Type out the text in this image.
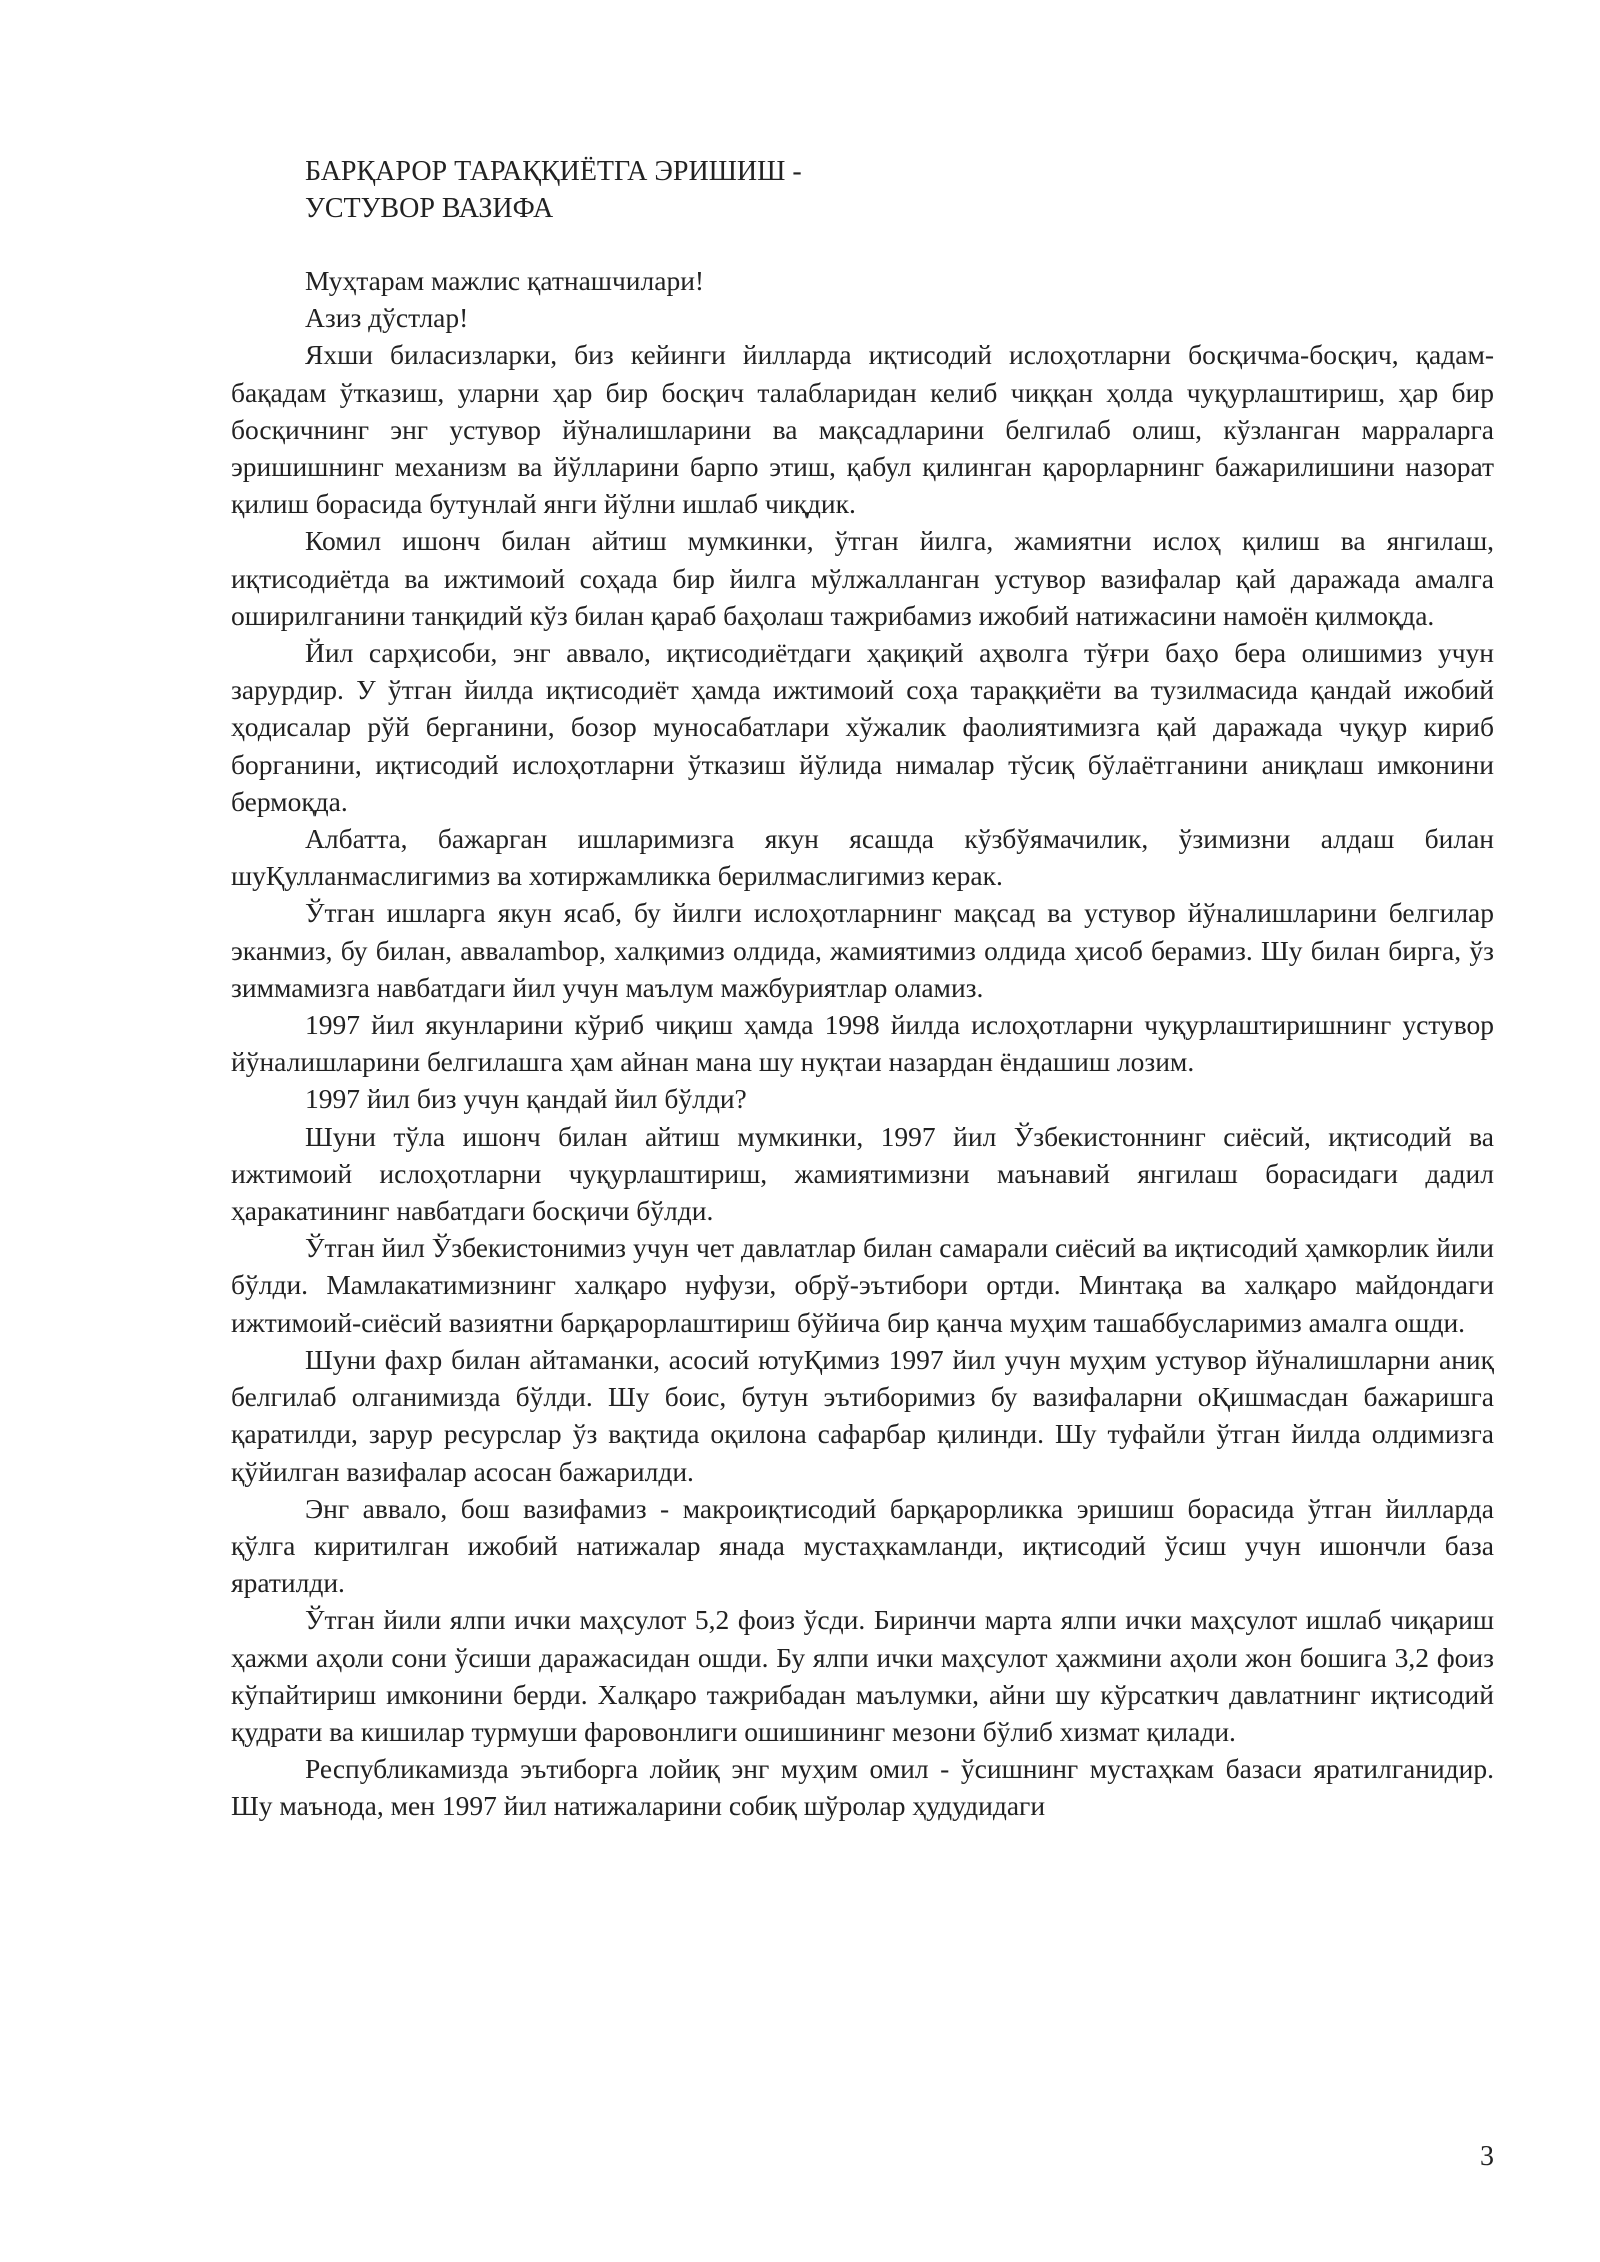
БАРҚАРОР ТАРАҚҚИЁТГА ЭРИШИШ -
УСТУВОР ВАЗИФА

Муҳтарам мажлис қатнашчилари!

Азиз дўстлар!

Яхши биласизларки, биз кейинги йилларда иқтисодий ислоҳотларни босқичма-босқич, қадам-бақадам ўтказиш, уларни ҳар бир босқич талабларидан келиб чиққан ҳолда чуқурлаштириш, ҳар бир босқичнинг энг устувор йўналишларини ва мақсадларини белгилаб олиш, кўзланган марраларга эришишнинг механизм ва йўлларини барпо этиш, қабул қилинган қарорларнинг бажарилишини назорат қилиш борасида бутунлай янги йўлни ишлаб чиқдик.

Комил ишонч билан айтиш мумкинки, ўтган йилга, жамиятни ислоҳ қилиш ва янгилаш, иқтисодиётда ва ижтимоий соҳада бир йилга мўлжалланган устувор вазифалар қай даражада амалга оширилганини танқидий кўз билан қараб баҳолаш тажрибамиз ижобий натижасини намоён қилмоқда.

Йил сарҳисоби, энг аввало, иқтисодиётдаги ҳақиқий аҳволга тўғри баҳо бера олишимиз учун зарурдир. У ўтган йилда иқтисодиёт ҳамда ижтимоий соҳа тараққиёти ва тузилмасида қандай ижобий ҳодисалар рўй берганини, бозор муносабатлари хўжалик фаолиятимизга қай даражада чуқур кириб борганини, иқтисодий ислоҳотларни ўтказиш йўлида нималар тўсиқ бўлаётганини аниқлаш имконини бермоқда.

Албатта, бажарган ишларимизга якун ясашда кўзбўямачилик, ўзимизни алдаш билан шуҚулланмаслигимиз ва хотиржамликка берилмаслигимиз керак.

Ўтган ишларга якун ясаб, бу йилги ислоҳотларнинг мақсад ва устувор йўналишларини белгилар эканмиз, бу билан, аввалambор, халқимиз олдида, жамиятимиз олдида ҳисоб берамиз. Шу билан бирга, ўз зиммамизга навбатдаги йил учун маълум мажбуриятлар оламиз.

1997 йил якунларини кўриб чиқиш ҳамда 1998 йилда ислоҳотларни чуқурлаштиришнинг устувор йўналишларини белгилашга ҳам айнан мана шу нуқтаи назардан ёндашиш лозим.

1997 йил биз учун қандай йил бўлди?

Шуни тўла ишонч билан айтиш мумкинки, 1997 йил Ўзбекистоннинг сиёсий, иқтисодий ва ижтимоий ислоҳотларни чуқурлаштириш, жамиятимизни маънавий янгилаш борасидаги дадил ҳаракатининг навбатдаги босқичи бўлди.

Ўтган йил Ўзбекистонимиз учун чет давлатлар билан самарали сиёсий ва иқтисодий ҳамкорлик йили бўлди. Мамлакатимизнинг халқаро нуфузи, обрў-эътибори ортди. Минтақа ва халқаро майдондаги ижтимоий-сиёсий вазиятни барқарорлаштириш бўйича бир қанча муҳим ташаббусларимиз амалга ошди.

Шуни фахр билан айтаманки, асосий ютуҚимиз 1997 йил учун муҳим устувор йўналишларни аниқ белгилаб олганимизда бўлди. Шу боис, бутун эътиборимиз бу вазифаларни оҚишмасдан бажаришга қаратилди, зарур ресурслар ўз вақтида оқилона сафарбар қилинди. Шу туфайли ўтган йилда олдимизга қўйилган вазифалар асосан бажарилди.

Энг аввало, бош вазифамиз - макроиқтисодий барқарорликка эришиш борасида ўтган йилларда қўлга киритилган ижобий натижалар янада мустаҳкамланди, иқтисодий ўсиш учун ишончли база яратилди.

Ўтган йили ялпи ички маҳсулот 5,2 фоиз ўсди. Биринчи марта ялпи ички маҳсулот ишлаб чиқариш ҳажми аҳоли сони ўсиши даражасидан ошди. Бу ялпи ички маҳсулот ҳажмини аҳоли жон бошига 3,2 фоиз кўпайтириш имконини берди. Халқаро тажрибадан маълумки, айни шу кўрсаткич давлатнинг иқтисодий қудрати ва кишилар турмуши фаровонлиги ошишининг мезони бўлиб хизмат қилади.

Республикамизда эътиборга лойиқ энг муҳим омил - ўсишнинг мустаҳкам базаси яратилганидир. Шу маънода, мен 1997 йил натижаларини собиқ шўролар ҳудудидаги

3
